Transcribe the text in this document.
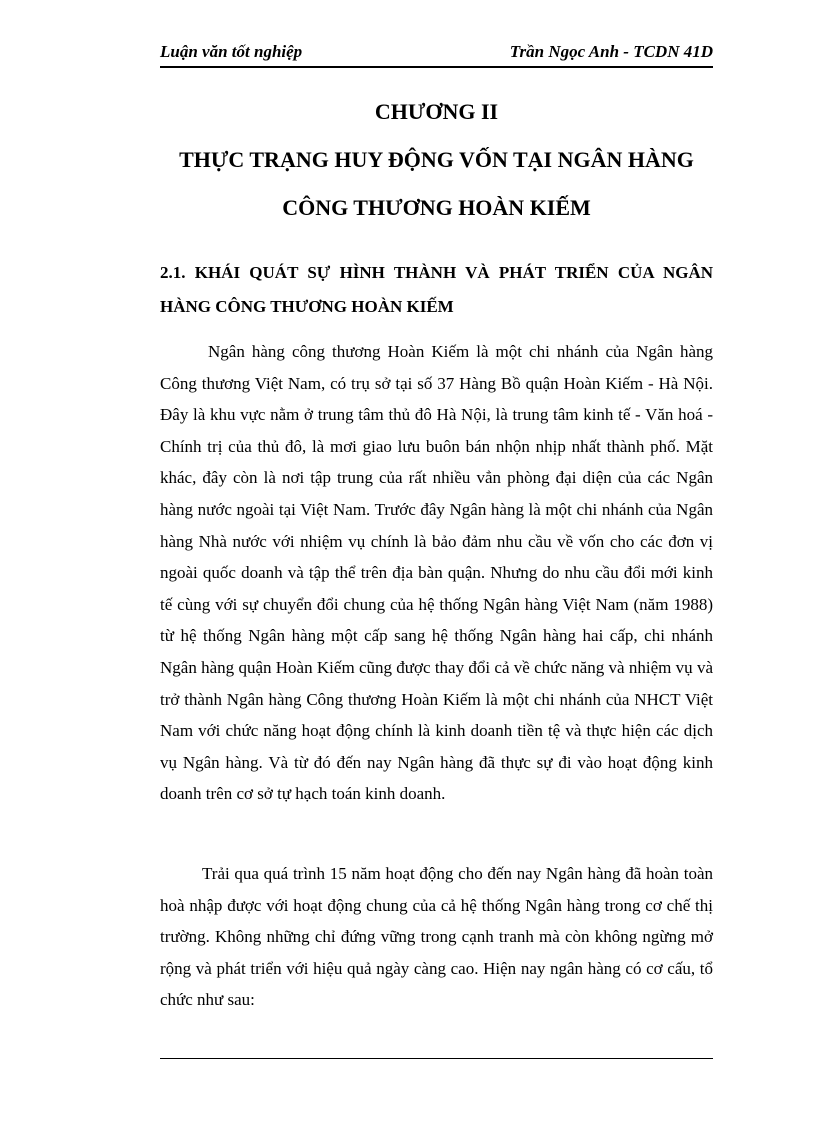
Luận văn tốt nghiệp	Trần Ngọc Anh - TCDN 41D
CHƯƠNG II
THỰC TRẠNG HUY ĐỘNG VỐN TẠI NGÂN HÀNG
CÔNG THƯƠNG HOÀN KIẾM

2.1. KHÁI QUÁT SỰ HÌNH THÀNH VÀ PHÁT TRIỂN CỦA NGÂN HÀNG CÔNG THƯƠNG HOÀN KIẾM

Ngân hàng công thương Hoàn Kiếm là một chi nhánh của Ngân hàng Công thương Việt Nam, có trụ sở tại số 37 Hàng Bồ quận Hoàn Kiếm - Hà Nội. Đây là khu vực nằm ở trung tâm thủ đô Hà Nội, là trung tâm kinh tế - Văn hoá - Chính trị của thủ đô, là mơi giao lưu buôn bán nhộn nhịp nhất thành phố. Mặt khác, đây còn là nơi tập trung của rất nhiều vẳn phòng đại diện của các Ngân hàng nước ngoài tại Việt Nam. Trước đây Ngân hàng là một chi nhánh của Ngân hàng Nhà nước với nhiệm vụ chính là bảo đảm nhu cầu về vốn cho các đơn vị ngoài quốc doanh và tập thể trên địa bàn quận. Nhưng do nhu cầu đổi mới kinh tế cùng với sự chuyển đổi chung của hệ thống Ngân hàng Việt Nam (năm 1988) từ hệ thống Ngân hàng một cấp sang hệ thống Ngân hàng hai cấp, chi nhánh Ngân hàng quận Hoàn Kiếm cũng được thay đổi cả về chức năng và nhiệm vụ và trở thành Ngân hàng Công thương Hoàn Kiếm là một chi nhánh của NHCT Việt Nam với chức năng hoạt động chính là kinh doanh tiền tệ và thực hiện các dịch vụ Ngân hàng. Và từ đó đến nay Ngân hàng đã thực sự đi vào hoạt động kinh doanh trên cơ sở tự hạch toán kinh doanh.

Trải qua quá trình 15 năm hoạt động cho đến nay Ngân hàng đã hoàn toàn hoà nhập được với hoạt động chung của cả hệ thống Ngân hàng trong cơ chế thị trường. Không những chỉ đứng vững trong cạnh tranh mà còn không ngừng mở rộng và phát triển với hiệu quả ngày càng cao. Hiện nay ngân hàng có cơ cấu, tổ chức như sau:
